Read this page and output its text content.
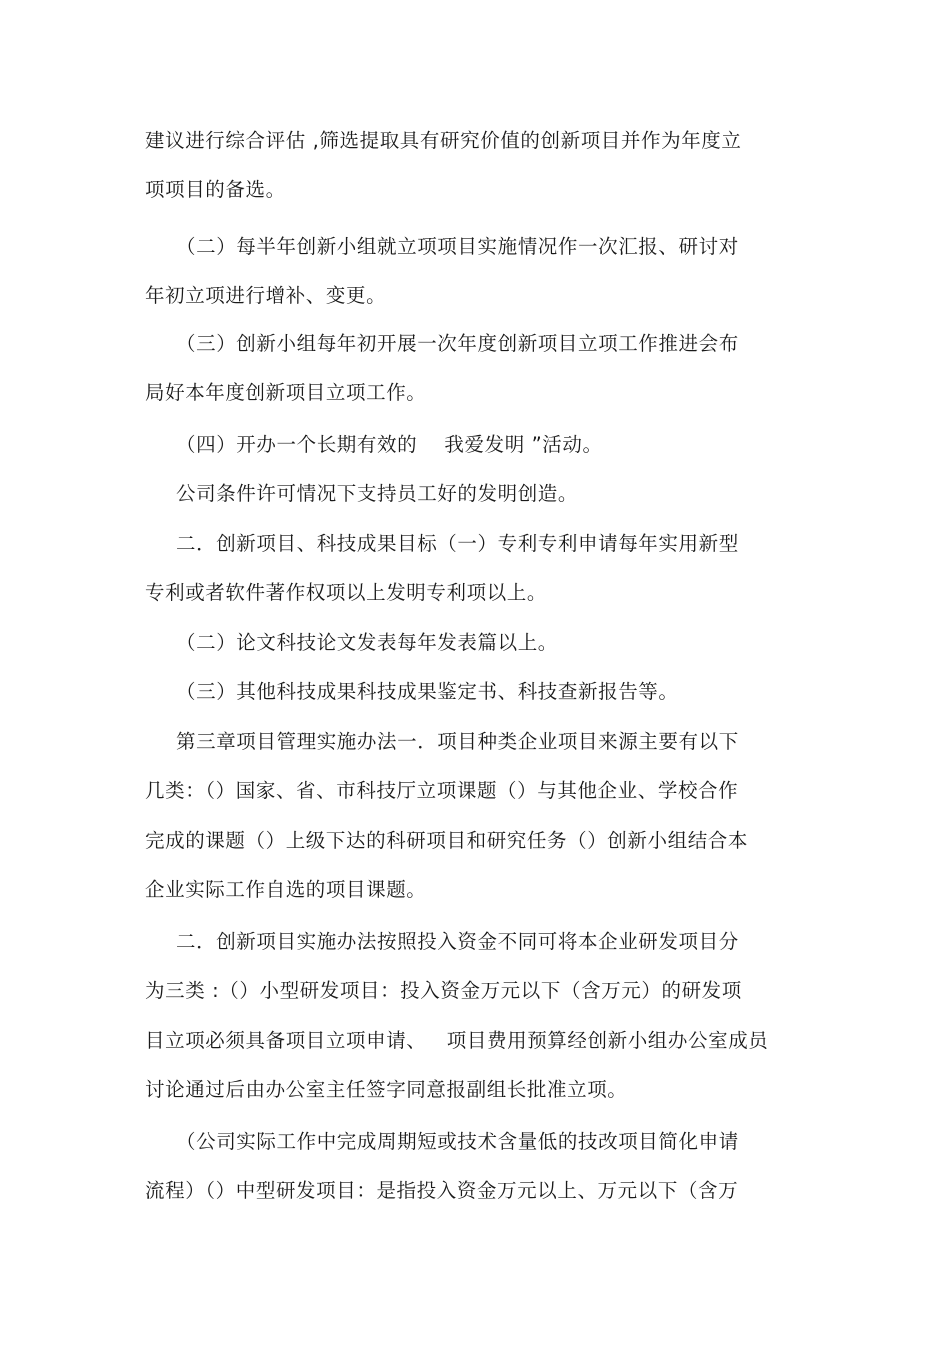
建议进行综合评估 ,筛选提取具有研究价值的创新项目并作为年度立
项项目的备选。
（二）每半年创新小组就立项项目实施情况作一次汇报、研讨对
年初立项进行增补、变更。
（三）创新小组每年初开展一次年度创新项目立项工作推进会布
局好本年度创新项目立项工作。
（四）开办一个长期有效的    我爱发明 ”活动。
公司条件许可情况下支持员工好的发明创造。
二．创新项目、科技成果目标（一）专利专利申请每年实用新型
专利或者软件著作权项以上发明专利项以上。
（二）论文科技论文发表每年发表篇以上。
（三）其他科技成果科技成果鉴定书、科技查新报告等。
第三章项目管理实施办法一．项目种类企业项目来源主要有以下
几类：（）国家、省、市科技厅立项课题（）与其他企业、学校合作
完成的课题（）上级下达的科研项目和研究任务（）创新小组结合本
企业实际工作自选的项目课题。
二．创新项目实施办法按照投入资金不同可将本企业研发项目分
为三类 :（）小型研发项目：投入资金万元以下（含万元）的研发项
目立项必须具备项目立项申请、   项目费用预算经创新小组办公室成员
讨论通过后由办公室主任签字同意报副组长批准立项。
（公司实际工作中完成周期短或技术含量低的技改项目简化申请
流程）（）中型研发项目：是指投入资金万元以上、万元以下（含万
